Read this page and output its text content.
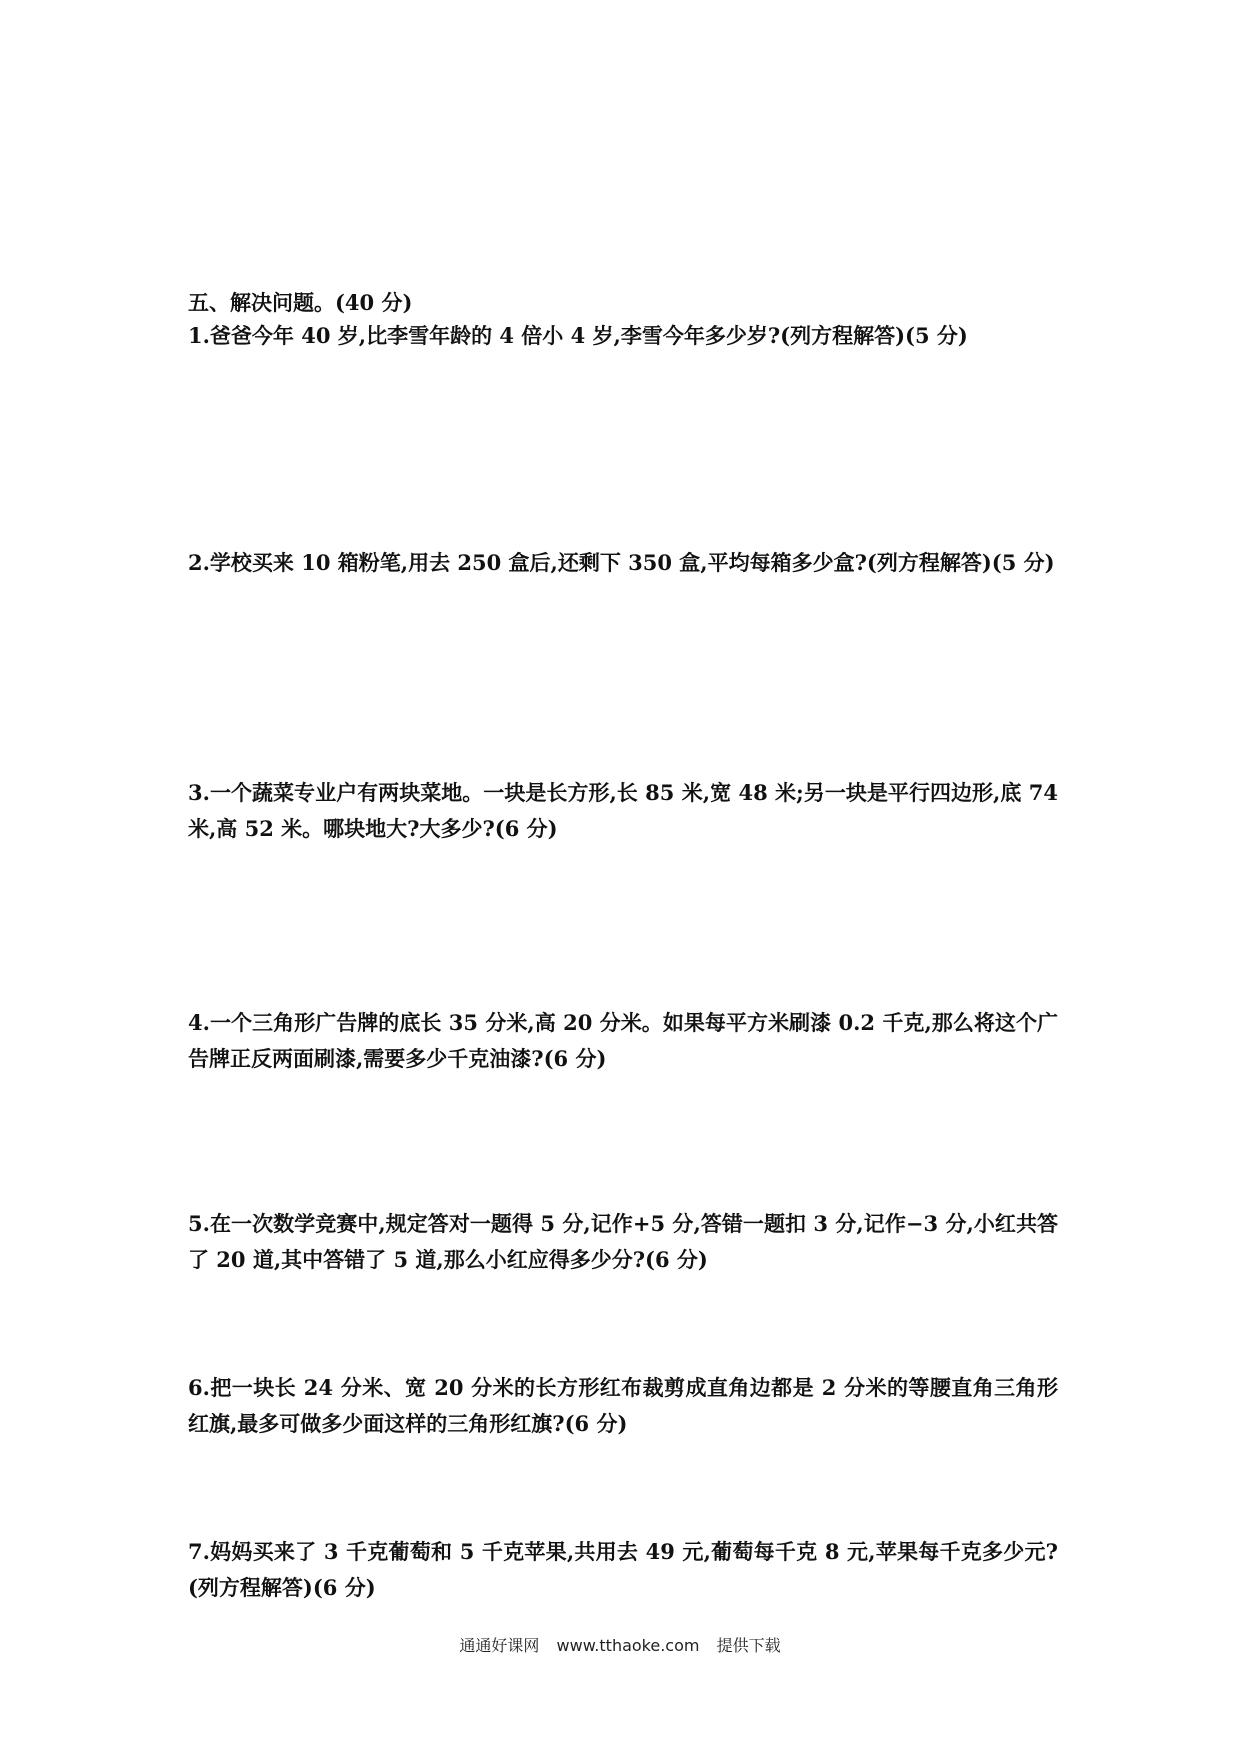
五、解决问题。(40 分)

1.爸爸今年 40 岁,比李雪年龄的 4 倍小 4 岁,李雪今年多少岁?(列方程解答)(5 分)

2.学校买来 10 箱粉笔,用去 250 盒后,还剩下 350 盒,平均每箱多少盒?(列方程解答)(5 分)

3.一个蔬菜专业户有两块菜地。一块是长方形,长 85 米,宽 48 米;另一块是平行四边形,底 74 米,高 52 米。哪块地大?大多少?(6 分)

4.一个三角形广告牌的底长 35 分米,高 20 分米。如果每平方米刷漆 0.2 千克,那么将这个广告牌正反两面刷漆,需要多少千克油漆?(6 分)

5.在一次数学竞赛中,规定答对一题得 5 分,记作+5 分,答错一题扣 3 分,记作−3 分,小红共答了 20 道,其中答错了 5 道,那么小红应得多少分?(6 分)

6.把一块长 24 分米、宽 20 分米的长方形红布裁剪成直角边都是 2 分米的等腰直角三角形红旗,最多可做多少面这样的三角形红旗?(6 分)

7.妈妈买来了 3 千克葡萄和 5 千克苹果,共用去 49 元,葡萄每千克 8 元,苹果每千克多少元? (列方程解答)(6 分)

通通好课网 www.tthaoke.com 提供下载
